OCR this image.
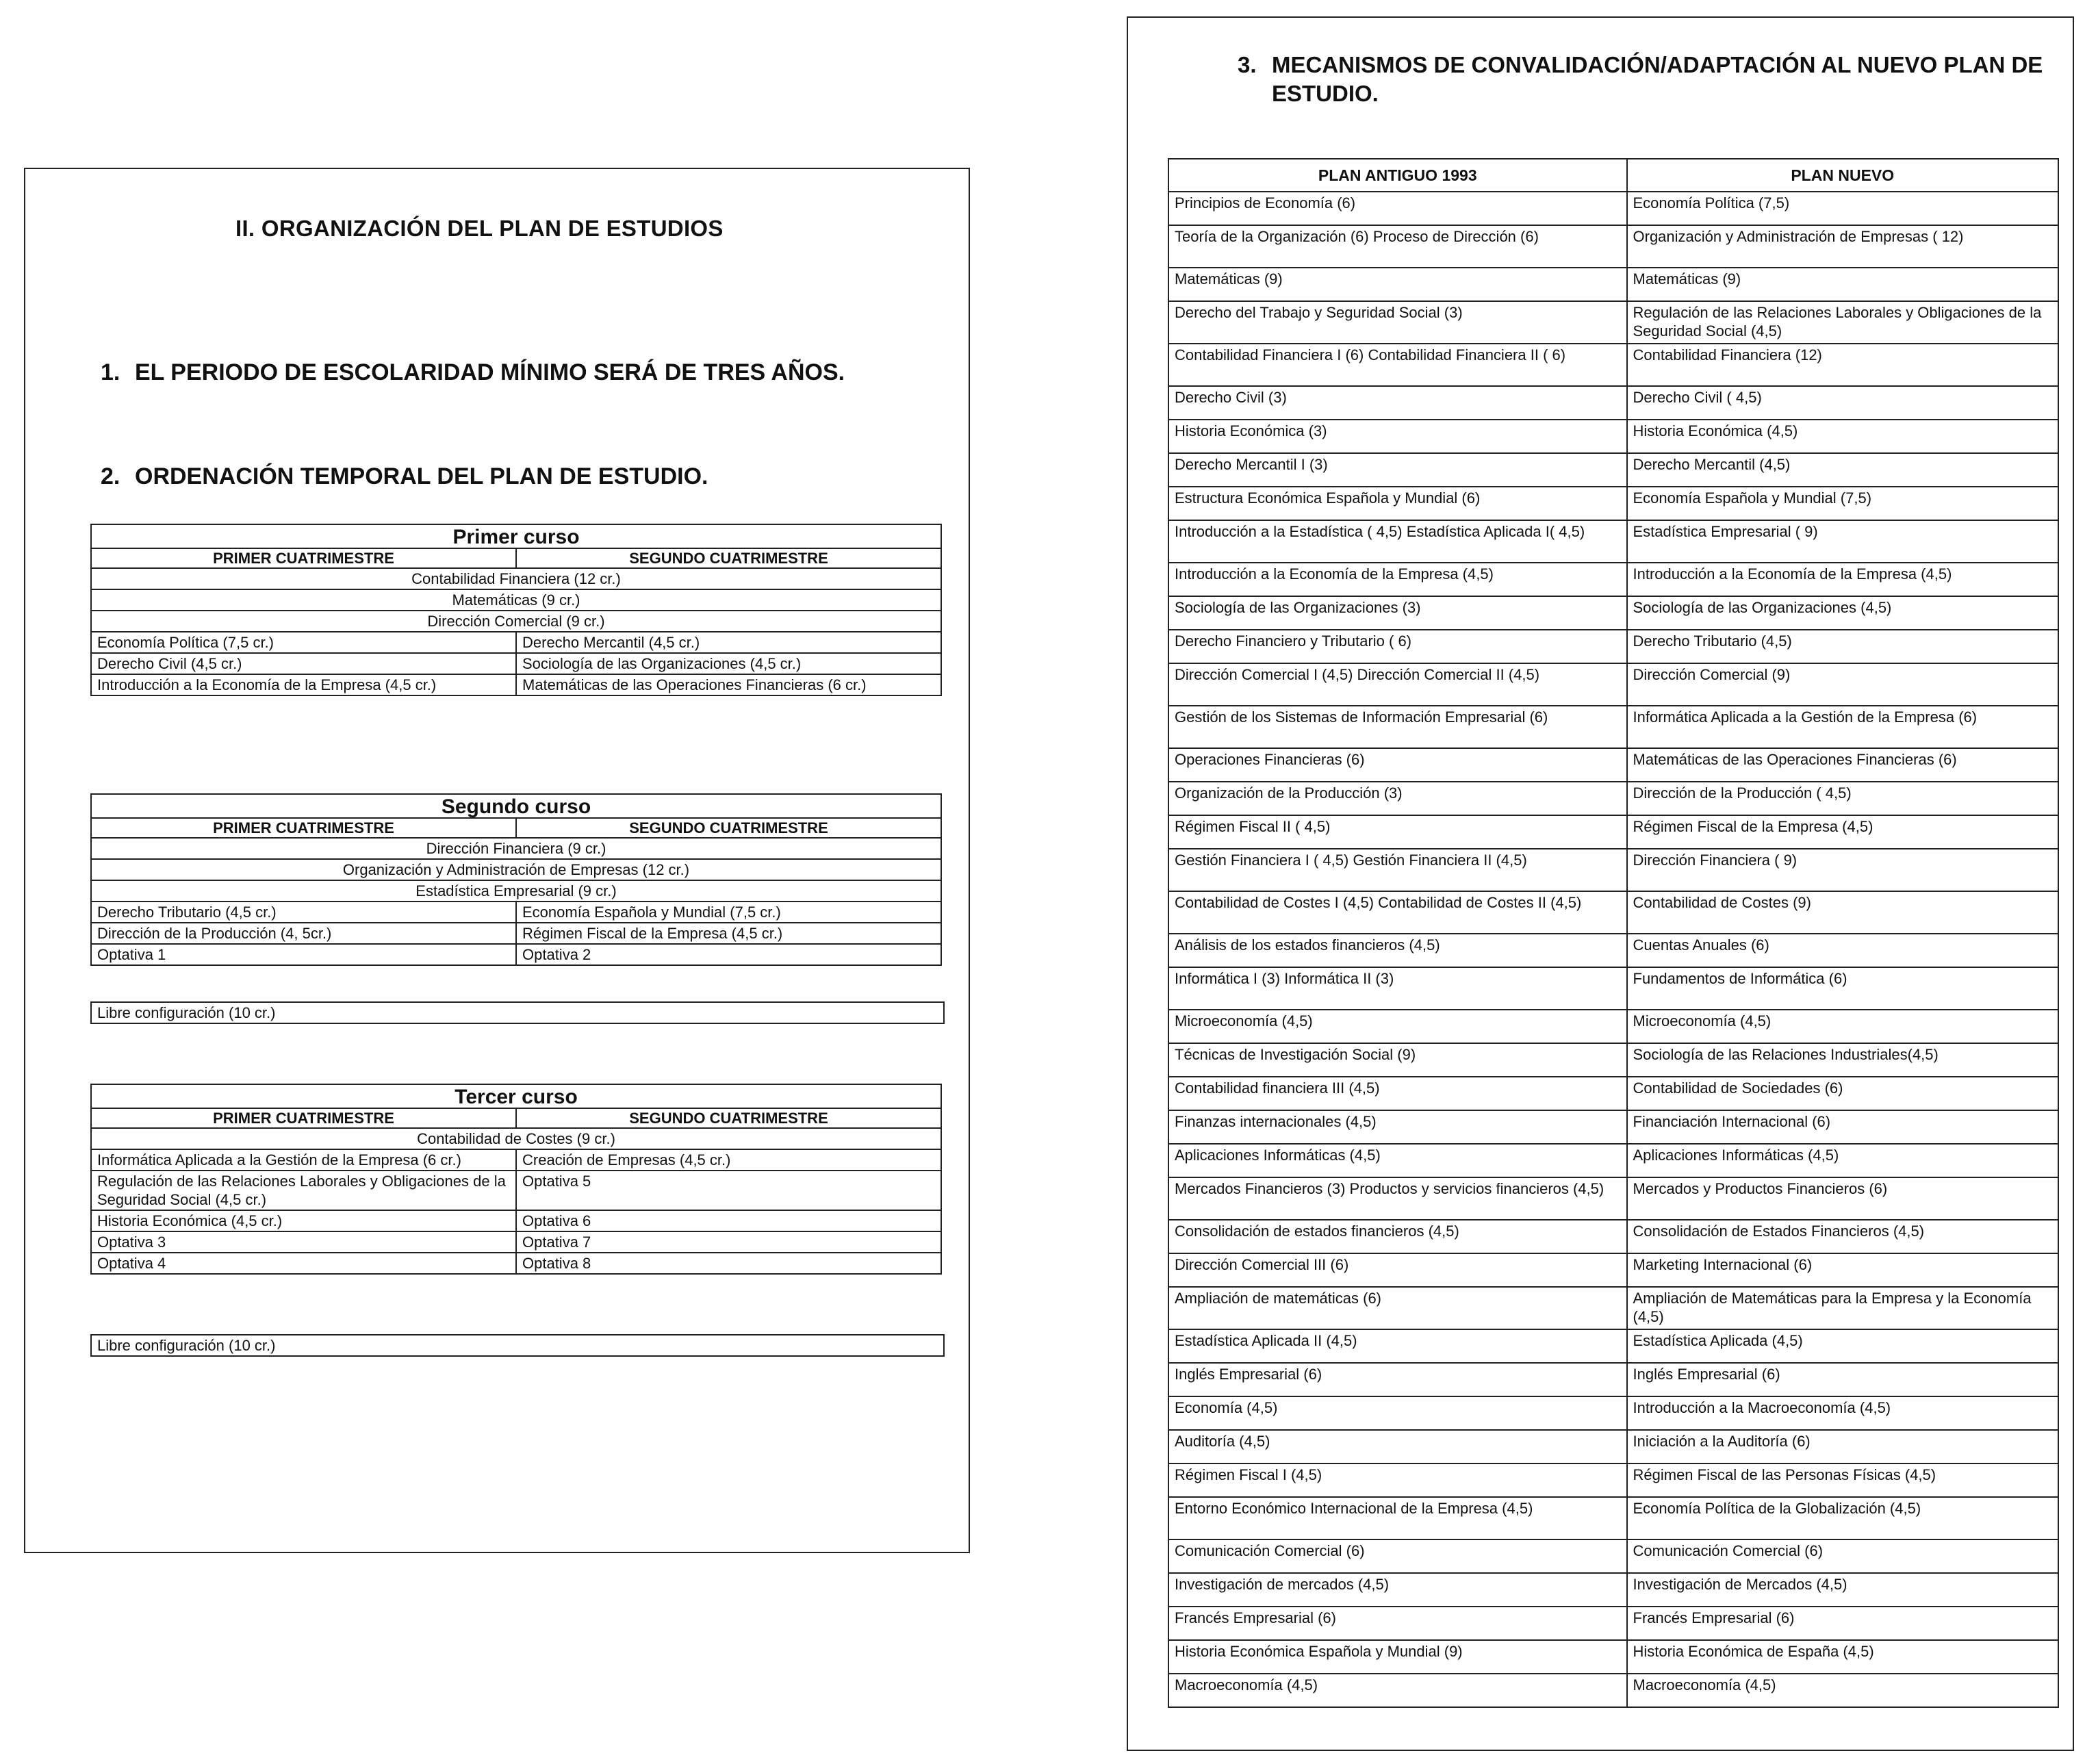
II. ORGANIZACIÓN DEL PLAN DE ESTUDIOS
1. EL PERIODO DE ESCOLARIDAD MÍNIMO SERÁ DE TRES AÑOS.
2. ORDENACIÓN TEMPORAL DEL PLAN DE ESTUDIO.
Primer curso	
PRIMER CUATRIMESTRE	SEGUNDO CUATRIMESTRE
Contabilidad Financiera (12 cr.)	
Matemáticas (9 cr.)	
Dirección Comercial (9 cr.)	
Economía Política (7,5 cr.)	Derecho Mercantil (4,5 cr.)
Derecho Civil (4,5 cr.)	Sociología de las Organizaciones (4,5 cr.)
Introducción a la Economía de la Empresa (4,5 cr.)	Matemáticas de las Operaciones Financieras (6 cr.)
Segundo curso	
PRIMER CUATRIMESTRE	SEGUNDO CUATRIMESTRE
Dirección Financiera (9 cr.)	
Organización y Administración de Empresas (12 cr.)	
Estadística Empresarial (9 cr.)	
Derecho Tributario (4,5 cr.)	Economía Española y Mundial (7,5 cr.)
Dirección de la Producción (4, 5cr.)	Régimen Fiscal de la Empresa (4,5 cr.)
Optativa 1	Optativa 2
Libre configuración (10 cr.)
Tercer curso	
PRIMER CUATRIMESTRE	SEGUNDO CUATRIMESTRE
Contabilidad de Costes (9 cr.)	
Informática Aplicada a la Gestión de la Empresa (6 cr.)	Creación de Empresas (4,5 cr.)
Regulación de las Relaciones Laborales y Obligaciones de la Seguridad Social (4,5 cr.)	Optativa 5
Historia Económica (4,5 cr.)	Optativa 6
Optativa 3	Optativa 7
Optativa 4	Optativa 8
Libre configuración (10 cr.)
3. MECANISMOS DE CONVALIDACIÓN/ADAPTACIÓN AL NUEVO PLAN DE ESTUDIO.
PLAN ANTIGUO 1993	PLAN NUEVO
Principios de Economía (6)	Economía Política (7,5)
Teoría de la Organización (6) Proceso de Dirección (6)	Organización y Administración de Empresas ( 12)
Matemáticas (9)	Matemáticas (9)
Derecho del Trabajo y Seguridad Social (3)	Regulación de las Relaciones Laborales y Obligaciones de la Seguridad Social (4,5)
Contabilidad Financiera I (6) Contabilidad Financiera II ( 6)	Contabilidad Financiera (12)
Derecho Civil (3)	Derecho Civil ( 4,5)
Historia Económica (3)	Historia Económica (4,5)
Derecho Mercantil I (3)	Derecho Mercantil (4,5)
Estructura Económica Española y Mundial (6)	Economía Española y Mundial (7,5)
Introducción a la Estadística ( 4,5) Estadística Aplicada I( 4,5)	Estadística Empresarial ( 9)
Introducción a la Economía de la Empresa (4,5)	Introducción a la Economía de la Empresa (4,5)
Sociología de las Organizaciones (3)	Sociología de las Organizaciones (4,5)
Derecho Financiero y Tributario ( 6)	Derecho Tributario (4,5)
Dirección Comercial I (4,5) Dirección Comercial II (4,5)	Dirección Comercial (9)
Gestión de los Sistemas de Información Empresarial (6)	Informática Aplicada a la Gestión de la Empresa (6)
Operaciones Financieras (6)	Matemáticas de las Operaciones Financieras (6)
Organización de la Producción (3)	Dirección de la Producción ( 4,5)
Régimen Fiscal II ( 4,5)	Régimen Fiscal de la Empresa (4,5)
Gestión Financiera I ( 4,5) Gestión Financiera II (4,5)	Dirección Financiera ( 9)
Contabilidad de Costes I (4,5) Contabilidad de Costes II (4,5)	Contabilidad de Costes (9)
Análisis de los estados financieros (4,5)	Cuentas Anuales (6)
Informática I (3) Informática II (3)	Fundamentos de Informática (6)
Microeconomía (4,5)	Microeconomía (4,5)
Técnicas de Investigación Social (9)	Sociología de las Relaciones Industriales(4,5)
Contabilidad financiera III (4,5)	Contabilidad de Sociedades (6)
Finanzas internacionales (4,5)	Financiación Internacional (6)
Aplicaciones Informáticas (4,5)	Aplicaciones Informáticas (4,5)
Mercados Financieros (3) Productos y servicios financieros (4,5)	Mercados y Productos Financieros (6)
Consolidación de estados financieros (4,5)	Consolidación de Estados Financieros (4,5)
Dirección Comercial III (6)	Marketing Internacional (6)
Ampliación de matemáticas (6)	Ampliación de Matemáticas para la Empresa y la Economía (4,5)
Estadística Aplicada II (4,5)	Estadística Aplicada (4,5)
Inglés Empresarial (6)	Inglés Empresarial (6)
Economía (4,5)	Introducción a la Macroeconomía (4,5)
Auditoría (4,5)	Iniciación a la Auditoría (6)
Régimen Fiscal I (4,5)	Régimen Fiscal de las Personas Físicas (4,5)
Entorno Económico Internacional de la Empresa (4,5)	Economía Política de la Globalización (4,5)
Comunicación Comercial (6)	Comunicación Comercial (6)
Investigación de mercados (4,5)	Investigación de Mercados (4,5)
Francés Empresarial (6)	Francés Empresarial (6)
Historia Económica Española y Mundial (9)	Historia Económica de España (4,5)
Macroeconomía (4,5)	Macroeconomía (4,5)
